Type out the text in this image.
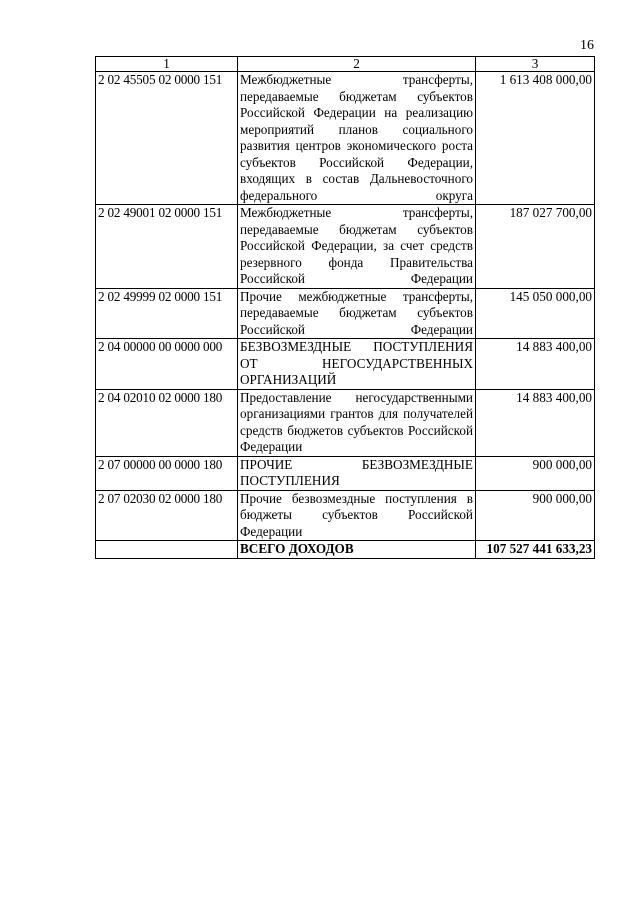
16
1	2	3
2 02 45505 02 0000 151	Межбюджетные трансферты, передаваемые бюджетам субъектов Российской Федерации на реализацию мероприятий планов социального развития центров экономического роста субъектов Российской Федерации, входящих в состав Дальневосточного федерального округа	1 613 408 000,00
2 02 49001 02 0000 151	Межбюджетные трансферты, передаваемые бюджетам субъектов Российской Федерации, за счет средств резервного фонда Правительства Российской Федерации	187 027 700,00
2 02 49999 02 0000 151	Прочие межбюджетные трансферты, передаваемые бюджетам субъектов Российской Федерации	145 050 000,00
2 04 00000 00 0000 000	БЕЗВОЗМЕЗДНЫЕ ПОСТУПЛЕНИЯ ОТ НЕГОСУДАРСТВЕННЫХ ОРГАНИЗАЦИЙ	14 883 400,00
2 04 02010 02 0000 180	Предоставление негосударственными организациями грантов для получателей средств бюджетов субъектов Российской Федерации	14 883 400,00
2 07 00000 00 0000 180	ПРОЧИЕ БЕЗВОЗМЕЗДНЫЕ ПОСТУПЛЕНИЯ	900 000,00
2 07 02030 02 0000 180	Прочие безвозмездные поступления в бюджеты субъектов Российской Федерации	900 000,00
	ВСЕГО ДОХОДОВ	107 527 441 633,23
